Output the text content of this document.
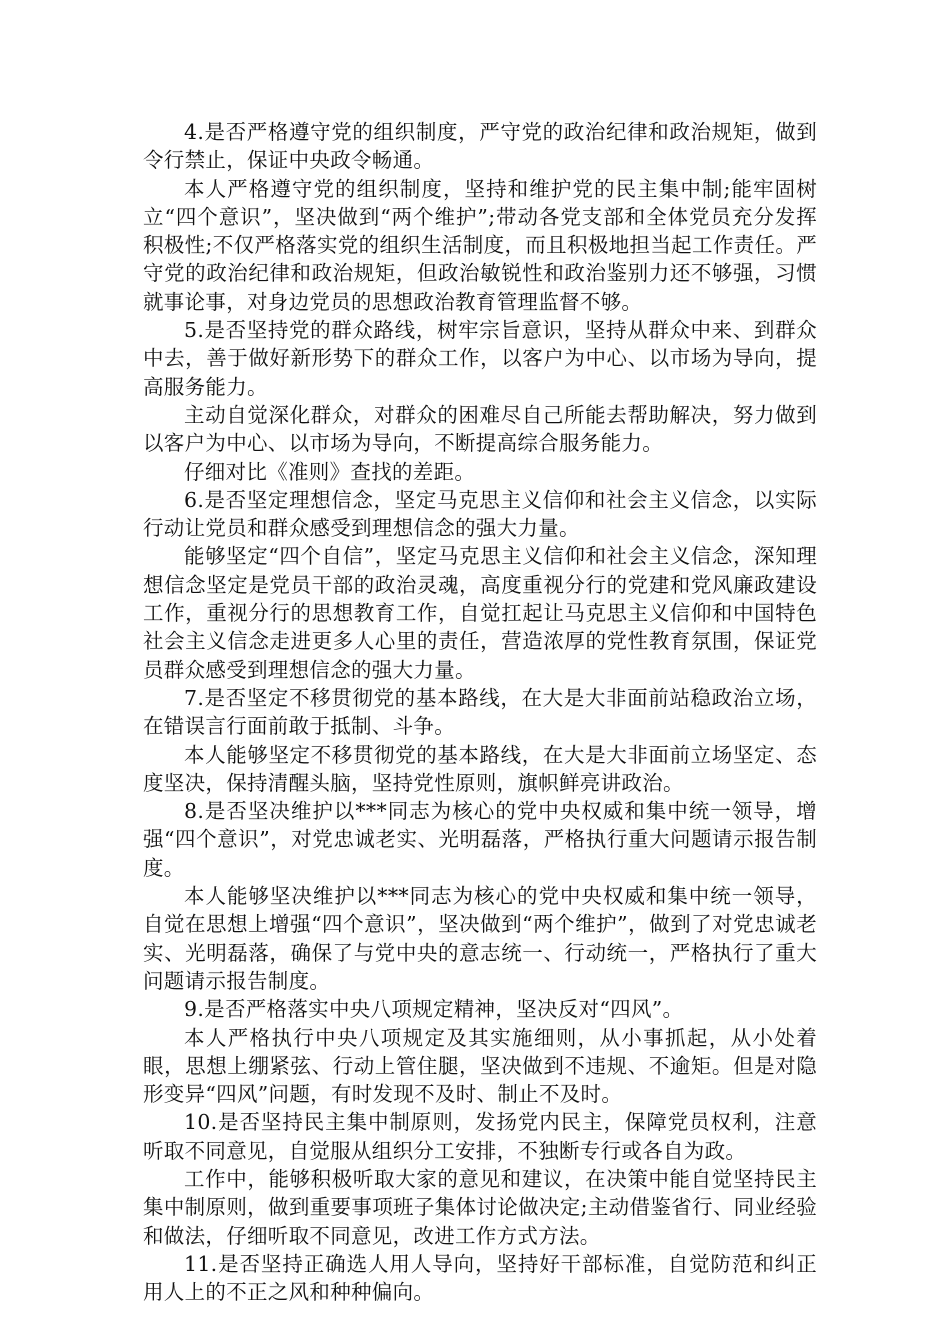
4.是否严格遵守党的组织制度，严守党的政治纪律和政治规矩，做到令行禁止，保证中央政令畅通。

本人严格遵守党的组织制度，坚持和维护党的民主集中制;能牢固树立“四个意识”，坚决做到“两个维护”;带动各党支部和全体党员充分发挥积极性;不仅严格落实党的组织生活制度，而且积极地担当起工作责任。严守党的政治纪律和政治规矩，但政治敏锐性和政治鉴别力还不够强，习惯就事论事，对身边党员的思想政治教育管理监督不够。

5.是否坚持党的群众路线，树牢宗旨意识，坚持从群众中来、到群众中去，善于做好新形势下的群众工作，以客户为中心、以市场为导向，提高服务能力。

主动自觉深化群众，对群众的困难尽自己所能去帮助解决，努力做到以客户为中心、以市场为导向，不断提高综合服务能力。

仔细对比《准则》查找的差距。

6.是否坚定理想信念，坚定马克思主义信仰和社会主义信念，以实际行动让党员和群众感受到理想信念的强大力量。

能够坚定“四个自信”，坚定马克思主义信仰和社会主义信念，深知理想信念坚定是党员干部的政治灵魂，高度重视分行的党建和党风廉政建设工作，重视分行的思想教育工作，自觉扛起让马克思主义信仰和中国特色社会主义信念走进更多人心里的责任，营造浓厚的党性教育氛围，保证党员群众感受到理想信念的强大力量。

7.是否坚定不移贯彻党的基本路线，在大是大非面前站稳政治立场，在错误言行面前敢于抵制、斗争。

本人能够坚定不移贯彻党的基本路线，在大是大非面前立场坚定、态度坚决，保持清醒头脑，坚持党性原则，旗帜鲜亮讲政治。

8.是否坚决维护以***同志为核心的党中央权威和集中统一领导，增强“四个意识”，对党忠诚老实、光明磊落，严格执行重大问题请示报告制度。

本人能够坚决维护以***同志为核心的党中央权威和集中统一领导，自觉在思想上增强“四个意识”，坚决做到“两个维护”，做到了对党忠诚老实、光明磊落，确保了与党中央的意志统一、行动统一，严格执行了重大问题请示报告制度。

9.是否严格落实中央八项规定精神，坚决反对“四风”。

本人严格执行中央八项规定及其实施细则，从小事抓起，从小处着眼，思想上绷紧弦、行动上管住腿，坚决做到不违规、不逾矩。但是对隐形变异“四风”问题，有时发现不及时、制止不及时。

10.是否坚持民主集中制原则，发扬党内民主，保障党员权利，注意听取不同意见，自觉服从组织分工安排，不独断专行或各自为政。

工作中，能够积极听取大家的意见和建议，在决策中能自觉坚持民主集中制原则，做到重要事项班子集体讨论做决定;主动借鉴省行、同业经验和做法，仔细听取不同意见，改进工作方式方法。

11.是否坚持正确选人用人导向，坚持好干部标准，自觉防范和纠正用人上的不正之风和种种偏向。
